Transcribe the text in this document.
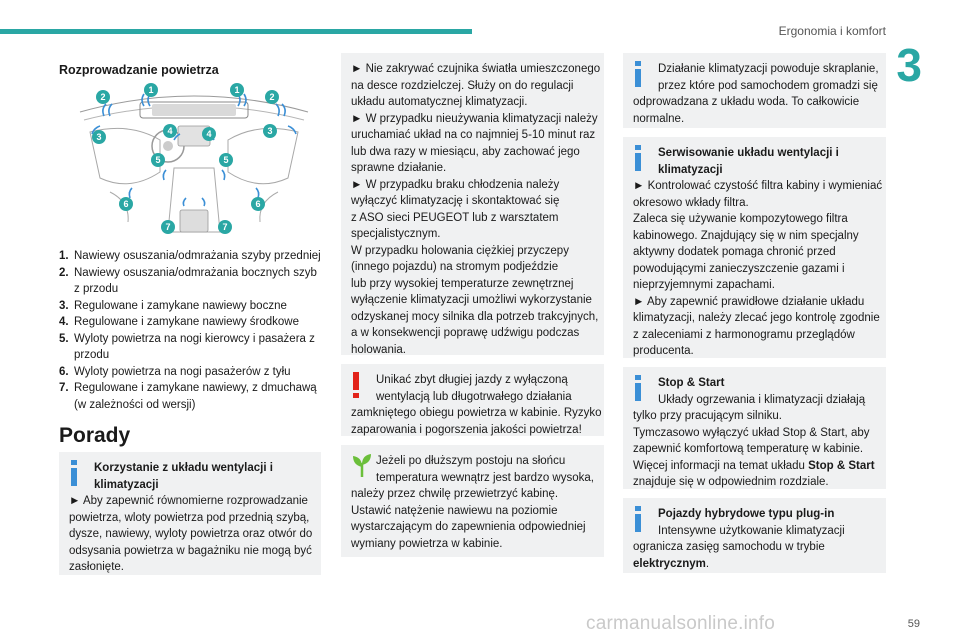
Ergonomia i komfort
3
Rozprowadzanie powietrza
1	1
2	2
3
3
4	4
5	5
6	6
7	7
1. Nawiewy osuszania/odmrażania szyby przedniej
2. Nawiewy osuszania/odmrażania bocznych szyb
z przodu
3. Regulowane i zamykane nawiewy boczne
4. Regulowane i zamykane nawiewy środkowe
5. Wyloty powietrza na nogi kierowcy i pasażera z
przodu
6. Wyloty powietrza na nogi pasażerów z tyłu
7. Regulowane i zamykane nawiewy, z dmuchawą
(w zależności od wersji)
Porady
Korzystanie z układu wentylacji i
klimatyzacji
► Aby zapewnić równomierne rozprowadzanie
powietrza, wloty powietrza pod przednią szybą,
dysze, nawiewy, wyloty powietrza oraz otwór do
odsysania powietrza w bagażniku nie mogą być
zasłonięte.
► Nie zakrywać czujnika światła umieszczonego
na desce rozdzielczej. Służy on do regulacji
układu automatycznej klimatyzacji.
► W przypadku nieużywania klimatyzacji należy
uruchamiać układ na co najmniej 5-10 minut raz
lub dwa razy w miesiącu, aby zachować jego
sprawne działanie.
► W przypadku braku chłodzenia należy
wyłączyć klimatyzację i skontaktować się
z ASO sieci PEUGEOT lub z warsztatem
specjalistycznym.
W przypadku holowania ciężkiej przyczepy
(innego pojazdu) na stromym podjeździe
lub przy wysokiej temperaturze zewnętrznej
wyłączenie klimatyzacji umożliwi wykorzystanie
odzyskanej mocy silnika dla potrzeb trakcyjnych,
a w konsekwencji poprawę udźwigu podczas
holowania.
Unikać zbyt długiej jazdy z wyłączoną
wentylacją lub długotrwałego działania
zamkniętego obiegu powietrza w kabinie. Ryzyko
zaparowania i pogorszenia jakości powietrza!
Jeżeli po dłuższym postoju na słońcu
temperatura wewnątrz jest bardzo wysoka,
należy przez chwilę przewietrzyć kabinę.
Ustawić natężenie nawiewu na poziomie
wystarczającym do zapewnienia odpowiedniej
wymiany powietrza w kabinie.
Działanie klimatyzacji powoduje skraplanie,
przez które pod samochodem gromadzi się
odprowadzana z układu woda. To całkowicie
normalne.
Serwisowanie układu wentylacji i
klimatyzacji
► Kontrolować czystość filtra kabiny i wymieniać
okresowo wkłady filtra.
Zaleca się używanie kompozytowego filtra
kabinowego. Znajdujący się w nim specjalny
aktywny dodatek pomaga chronić przed
powodującymi zanieczyszczenie gazami i
nieprzyjemnymi zapachami.
► Aby zapewnić prawidłowe działanie układu
klimatyzacji, należy zlecać jego kontrolę zgodnie
z zaleceniami z harmonogramu przeglądów
producenta.
Stop & Start
Układy ogrzewania i klimatyzacji działają
tylko przy pracującym silniku.
Tymczasowo wyłączyć układ Stop & Start, aby
zapewnić komfortową temperaturę w kabinie.
Więcej informacji na temat układu Stop & Start
znajduje się w odpowiednim rozdziale.
Pojazdy hybrydowe typu plug-in
Intensywne użytkowanie klimatyzacji
ogranicza zasięg samochodu w trybie
elektrycznym.
59
carmanualsonline.info
